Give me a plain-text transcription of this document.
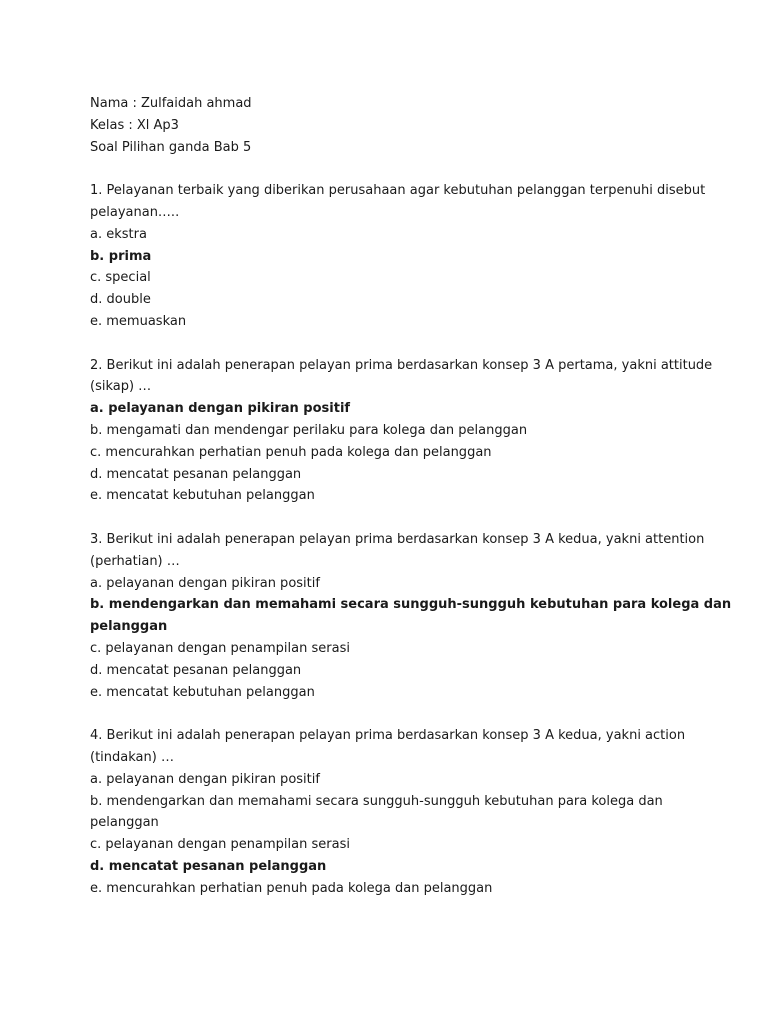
Nama : Zulfaidah ahmad
Kelas : Xl Ap3
Soal Pilihan ganda Bab 5
1. Pelayanan terbaik yang diberikan perusahaan agar kebutuhan pelanggan terpenuhi disebut
pelayanan…..
a. ekstra
b. prima
c. special
d. double
e. memuaskan
2. Berikut ini adalah penerapan pelayan prima berdasarkan konsep 3 A pertama, yakni attitude
(sikap) …
a. pelayanan dengan pikiran positif
b. mengamati dan mendengar perilaku para kolega dan pelanggan
c. mencurahkan perhatian penuh pada kolega dan pelanggan
d. mencatat pesanan pelanggan
e. mencatat kebutuhan pelanggan
3. Berikut ini adalah penerapan pelayan prima berdasarkan konsep 3 A kedua, yakni attention
(perhatian) …
a. pelayanan dengan pikiran positif
b. mendengarkan dan memahami secara sungguh-sungguh kebutuhan para kolega dan
pelanggan
c. pelayanan dengan penampilan serasi
d. mencatat pesanan pelanggan
e. mencatat kebutuhan pelanggan
4. Berikut ini adalah penerapan pelayan prima berdasarkan konsep 3 A kedua, yakni action
(tindakan) …
a. pelayanan dengan pikiran positif
b. mendengarkan dan memahami secara sungguh-sungguh kebutuhan para kolega dan
pelanggan
c. pelayanan dengan penampilan serasi
d. mencatat pesanan pelanggan
e. mencurahkan perhatian penuh pada kolega dan pelanggan
